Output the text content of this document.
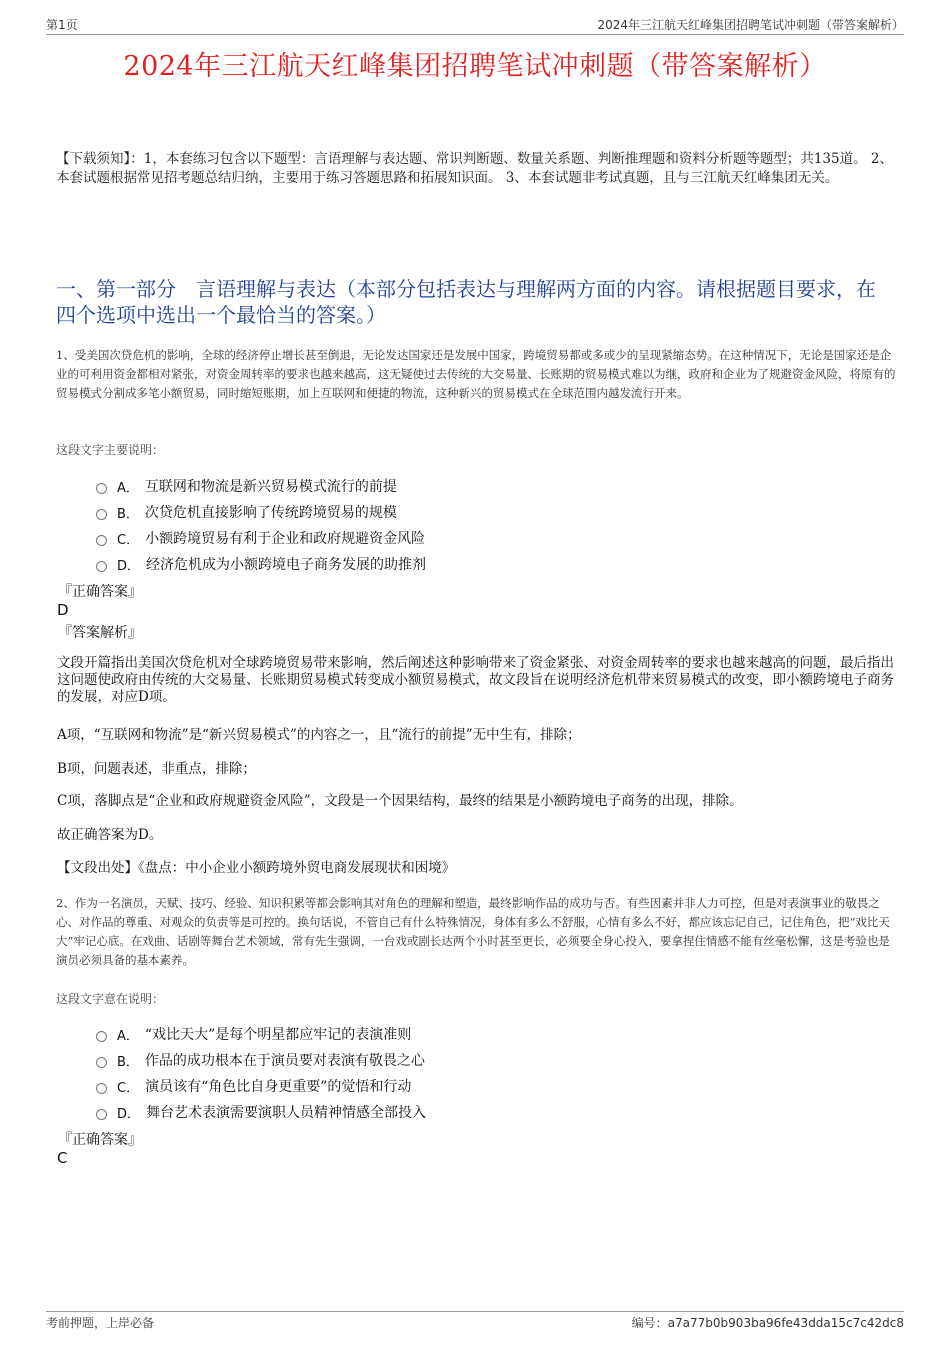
第1页	2024年三江航天红峰集团招聘笔试冲刺题（带答案解析）
2024年三江航天红峰集团招聘笔试冲刺题（带答案解析）
【下载须知】：1，本套练习包含以下题型：言语理解与表达题、常识判断题、数量关系题、判断推理题和资料分析题等题型；共135道。 2、本套试题根据常见招考题总结归纳，主要用于练习答题思路和拓展知识面。 3、本套试题非考试真题，且与三江航天红峰集团无关。
一、第一部分　言语理解与表达（本部分包括表达与理解两方面的内容。请根据题目要求，在四个选项中选出一个最恰当的答案。）
1、受美国次贷危机的影响，全球的经济停止增长甚至倒退，无论发达国家还是发展中国家，跨境贸易都或多或少的呈现紧缩态势。在这种情况下，无论是国家还是企业的可利用资金都相对紧张，对资金周转率的要求也越来越高，这无疑使过去传统的大交易量、长账期的贸易模式难以为继，政府和企业为了规避资金风险，将原有的贸易模式分割成多笔小额贸易，同时缩短账期，加上互联网和便捷的物流，这种新兴的贸易模式在全球范围内越发流行开来。
这段文字主要说明：
A． 互联网和物流是新兴贸易模式流行的前提
B． 次贷危机直接影响了传统跨境贸易的规模
C． 小额跨境贸易有利于企业和政府规避资金风险
D． 经济危机成为小额跨境电子商务发展的助推剂
『正确答案』
D
『答案解析』
文段开篇指出美国次贷危机对全球跨境贸易带来影响，然后阐述这种影响带来了资金紧张、对资金周转率的要求也越来越高的问题，最后指出这问题使政府由传统的大交易量、长账期贸易模式转变成小额贸易模式，故文段旨在说明经济危机带来贸易模式的改变，即小额跨境电子商务的发展，对应D项。
A项，“互联网和物流”是“新兴贸易模式”的内容之一，且“流行的前提”无中生有，排除；
B项，问题表述，非重点，排除；
C项，落脚点是“企业和政府规避资金风险”，文段是一个因果结构，最终的结果是小额跨境电子商务的出现，排除。
故正确答案为D。
【文段出处】《盘点：中小企业小额跨境外贸电商发展现状和困境》
2、作为一名演员，天赋、技巧、经验、知识积累等都会影响其对角色的理解和塑造，最终影响作品的成功与否。有些因素并非人力可控，但是对表演事业的敬畏之心、对作品的尊重、对观众的负责等是可控的。换句话说，不管自己有什么特殊情况，身体有多么不舒服，心情有多么不好，都应该忘记自己，记住角色，把“戏比天大”牢记心底。在戏曲、话剧等舞台艺术领域，常有先生强调，一台戏或剧长达两个小时甚至更长，必须要全身心投入，要拿捏住情感不能有丝毫松懈，这是考验也是演员必须具备的基本素养。
这段文字意在说明：
A． “戏比天大”是每个明星都应牢记的表演准则
B． 作品的成功根本在于演员要对表演有敬畏之心
C． 演员该有“角色比自身更重要”的觉悟和行动
D． 舞台艺术表演需要演职人员精神情感全部投入
『正确答案』
C
考前押题，上岸必备	编号：a7a77b0b903ba96fe43dda15c7c42dc8
